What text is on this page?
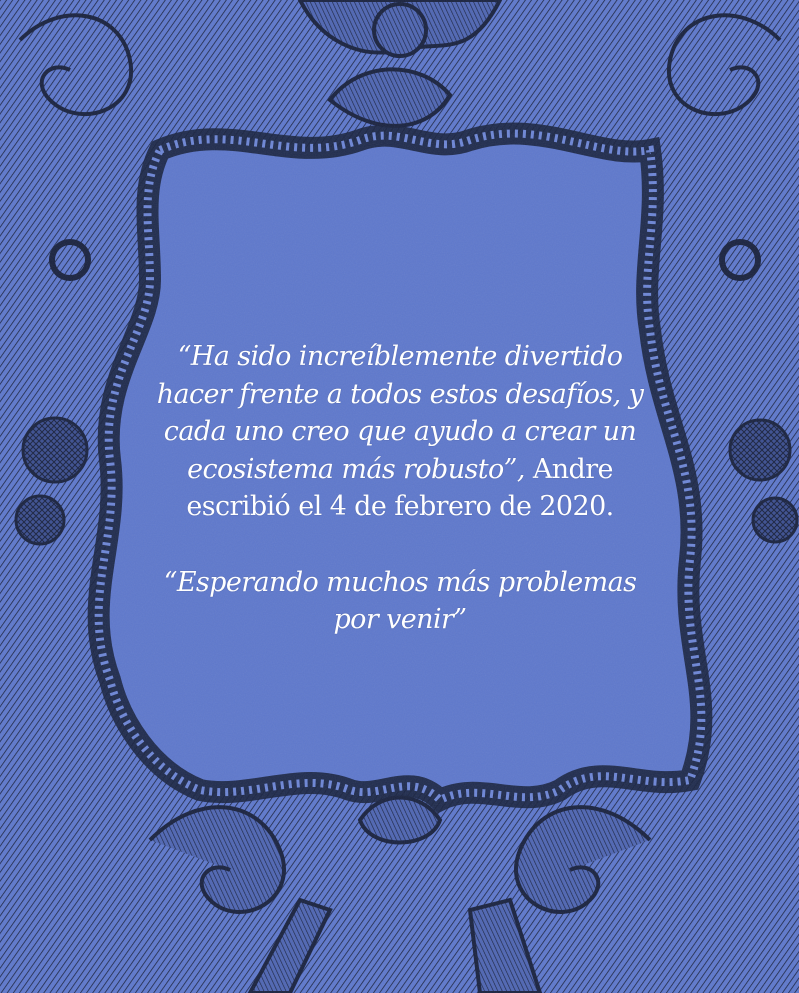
“Ha sido increíblemente divertido hacer frente a todos estos desafíos, y cada uno creo que ayudo a crear un ecosistema más robusto”, Andre escribió el 4 de febrero de 2020.

“Esperando muchos más problemas por venir”
